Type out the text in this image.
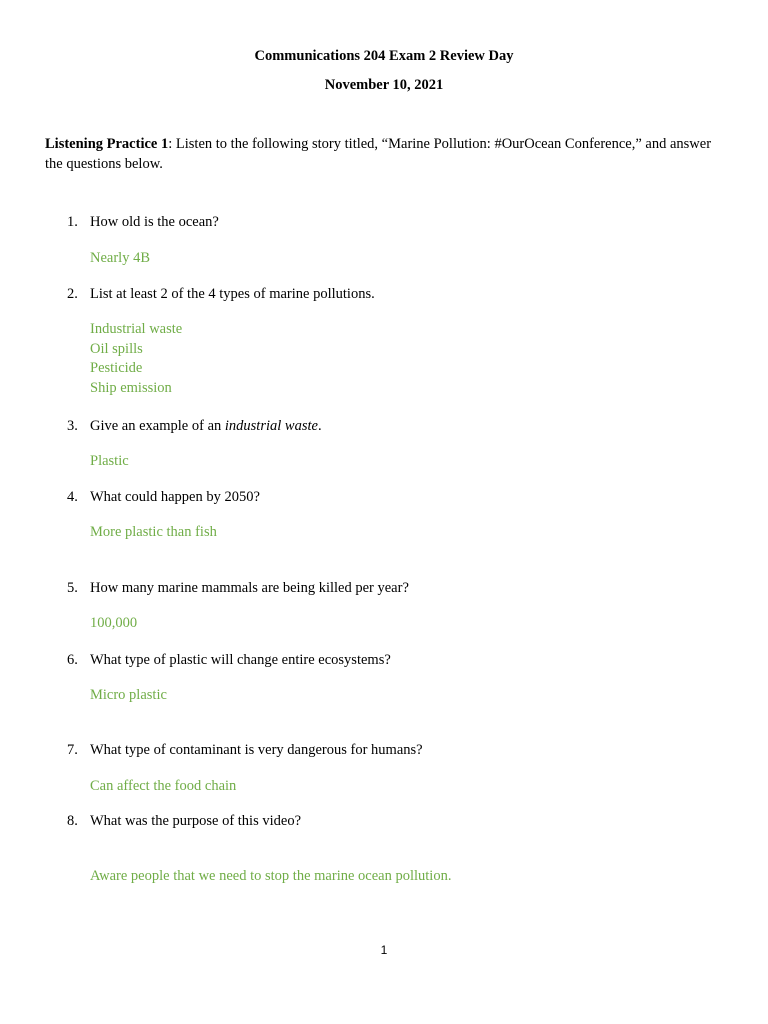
Communications 204 Exam 2 Review Day
November 10, 2021
Listening Practice 1: Listen to the following story titled, “Marine Pollution: #OurOcean Conference,” and answer the questions below.
1. How old is the ocean?
Nearly 4B
2. List at least 2 of the 4 types of marine pollutions.
Industrial waste
Oil spills
Pesticide
Ship emission
3. Give an example of an industrial waste.
Plastic
4. What could happen by 2050?
More plastic than fish
5. How many marine mammals are being killed per year?
100,000
6. What type of plastic will change entire ecosystems?
Micro plastic
7. What type of contaminant is very dangerous for humans?
Can affect the food chain
8. What was the purpose of this video?
Aware people that we need to stop the marine ocean pollution.
1
